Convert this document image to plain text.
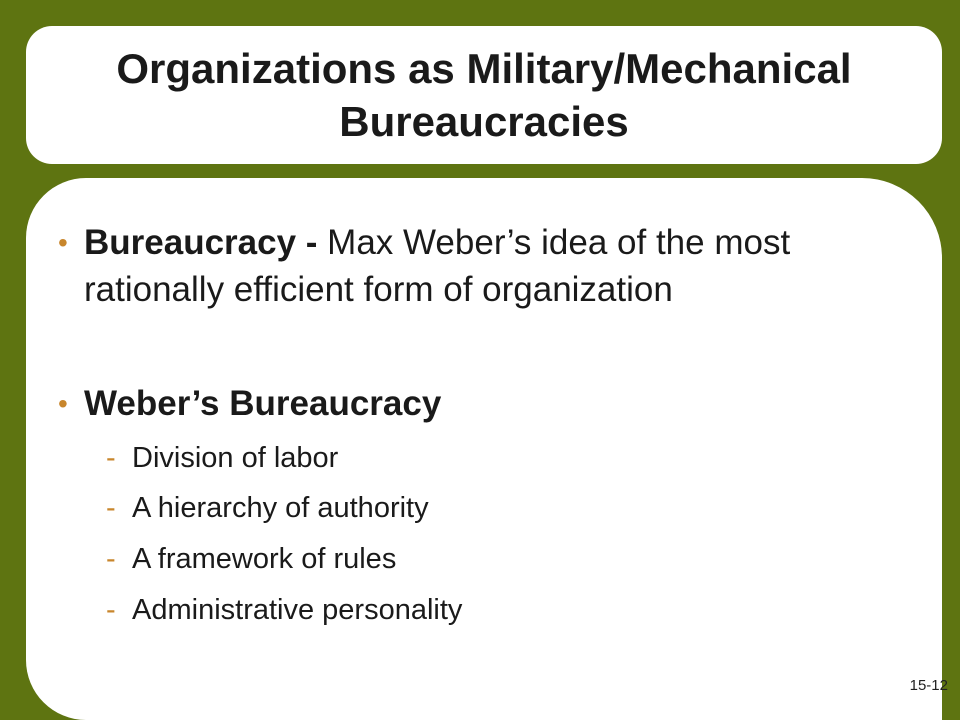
Organizations as Military/Mechanical Bureaucracies
• Bureaucracy - Max Weber’s idea of the most rationally efficient form of organization
• Weber’s Bureaucracy
- Division of labor
- A hierarchy of authority
- A framework of rules
- Administrative personality
15-12
